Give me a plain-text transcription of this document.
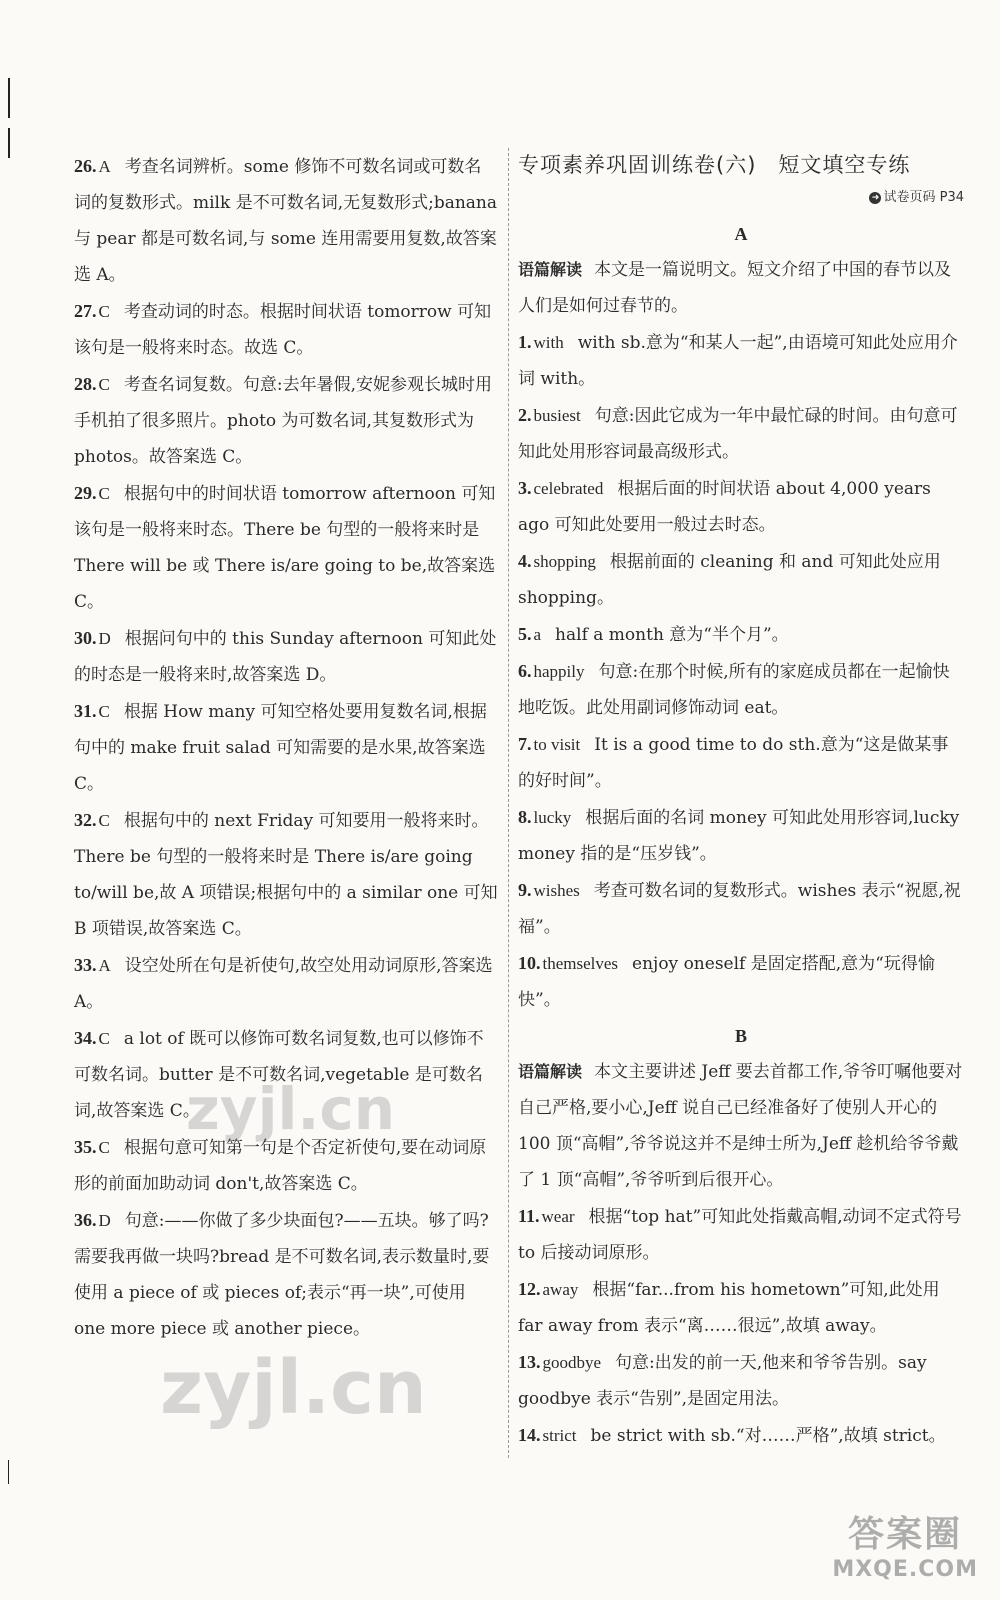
26. A 考查名词辨析。some 修饰不可数名词或可数名词的复数形式。milk 是不可数名词,无复数形式;banana 与 pear 都是可数名词,与 some 连用需要用复数,故答案选 A。

27. C 考查动词的时态。根据时间状语 tomorrow 可知该句是一般将来时态。故选 C。

28. C 考查名词复数。句意:去年暑假,安妮参观长城时用手机拍了很多照片。photo 为可数名词,其复数形式为 photos。故答案选 C。

29. C 根据句中的时间状语 tomorrow afternoon 可知该句是一般将来时态。There be 句型的一般将来时是 There will be 或 There is/are going to be,故答案选 C。

30. D 根据问句中的 this Sunday afternoon 可知此处的时态是一般将来时,故答案选 D。

31. C 根据 How many 可知空格处要用复数名词,根据句中的 make fruit salad 可知需要的是水果,故答案选 C。

32. C 根据句中的 next Friday 可知要用一般将来时。There be 句型的一般将来时是 There is/are going to/will be,故 A 项错误;根据句中的 a similar one 可知 B 项错误,故答案选 C。

33. A 设空处所在句是祈使句,故空处用动词原形,答案选 A。

34. C a lot of 既可以修饰可数名词复数,也可以修饰不可数名词。butter 是不可数名词,vegetable 是可数名词,故答案选 C。

35. C 根据句意可知第一句是个否定祈使句,要在动词原形的前面加助动词 don't,故答案选 C。

36. D 句意:——你做了多少块面包?——五块。够了吗?需要我再做一块吗?bread 是不可数名词,表示数量时,要使用 a piece of 或 pieces of;表示“再一块”,可使用 one more piece 或 another piece。

专项素养巩固训练卷(六) 短文填空专练

➜ 试卷页码 P34

A

语篇解读 本文是一篇说明文。短文介绍了中国的春节以及人们是如何过春节的。

1. with with sb.意为“和某人一起”,由语境可知此处应用介词 with。

2. busiest 句意:因此它成为一年中最忙碌的时间。由句意可知此处用形容词最高级形式。

3. celebrated 根据后面的时间状语 about 4,000 years ago 可知此处要用一般过去时态。

4. shopping 根据前面的 cleaning 和 and 可知此处应用 shopping。

5. a half a month 意为“半个月”。

6. happily 句意:在那个时候,所有的家庭成员都在一起愉快地吃饭。此处用副词修饰动词 eat。

7. to visit It is a good time to do sth.意为“这是做某事的好时间”。

8. lucky 根据后面的名词 money 可知此处用形容词,lucky money 指的是“压岁钱”。

9. wishes 考查可数名词的复数形式。wishes 表示“祝愿,祝福”。

10. themselves enjoy oneself 是固定搭配,意为“玩得愉快”。

B

语篇解读 本文主要讲述 Jeff 要去首都工作,爷爷叮嘱他要对自己严格,要小心,Jeff 说自己已经准备好了使别人开心的 100 顶“高帽”,爷爷说这并不是绅士所为,Jeff 趁机给爷爷戴了 1 顶“高帽”,爷爷听到后很开心。

11. wear 根据“top hat”可知此处指戴高帽,动词不定式符号 to 后接动词原形。

12. away 根据“far...from his hometown”可知,此处用 far away from 表示“离……很远”,故填 away。

13. goodbye 句意:出发的前一天,他来和爷爷告别。say goodbye 表示“告别”,是固定用法。

14. strict be strict with sb.“对……严格”,故填 strict。

zyjl.cn
zyjl.cn
答案圈
MXQE.COM
